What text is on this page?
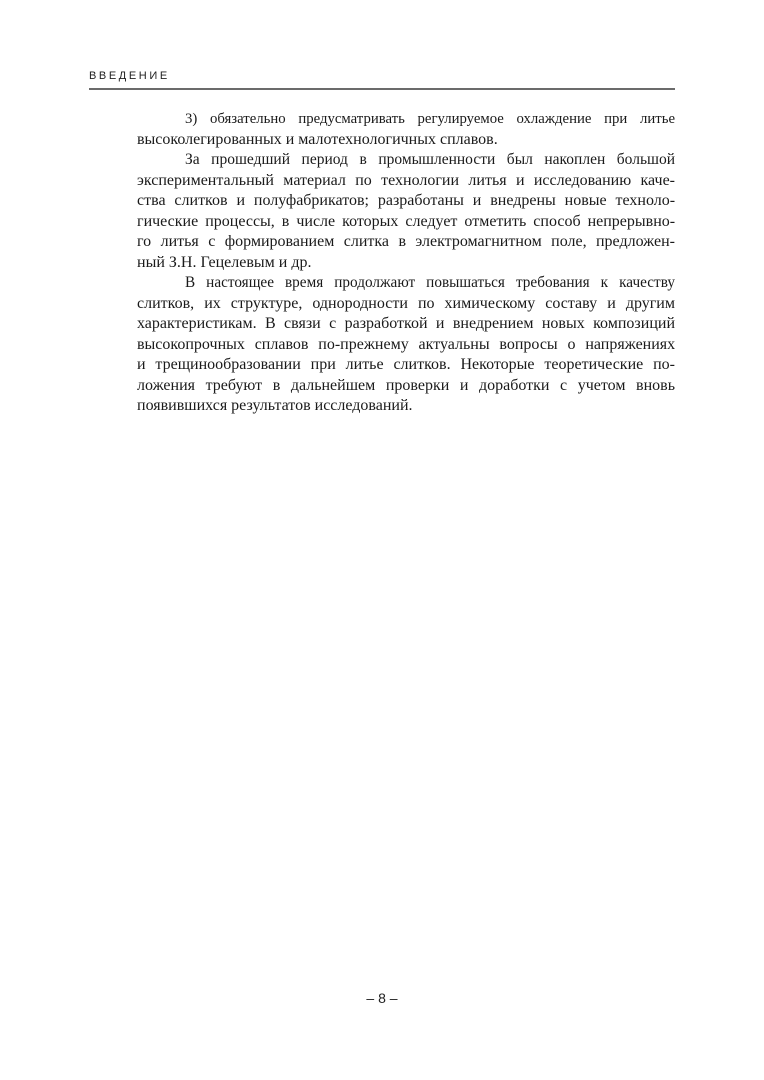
ВВЕДЕНИЕ
3) обязательно предусматривать регулируемое охлаждение при литье
высоколегированных и малотехнологичных сплавов.
За прошедший период в промышленности был накоплен большой
экспериментальный материал по технологии литья и исследованию каче-
ства слитков и полуфабрикатов; разработаны и внедрены новые техноло-
гические процессы, в числе которых следует отметить способ непрерывно-
го литья с формированием слитка в электромагнитном поле, предложен-
ный З.Н. Гецелевым и др.
В настоящее время продолжают повышаться требования к качеству
слитков, их структуре, однородности по химическому составу и другим
характеристикам. В связи с разработкой и внедрением новых композиций
высокопрочных сплавов по-прежнему актуальны вопросы о напряжениях
и трещинообразовании при литье слитков. Некоторые теоретические по-
ложения требуют в дальнейшем проверки и доработки с учетом вновь
появившихся результатов исследований.
– 8 –
